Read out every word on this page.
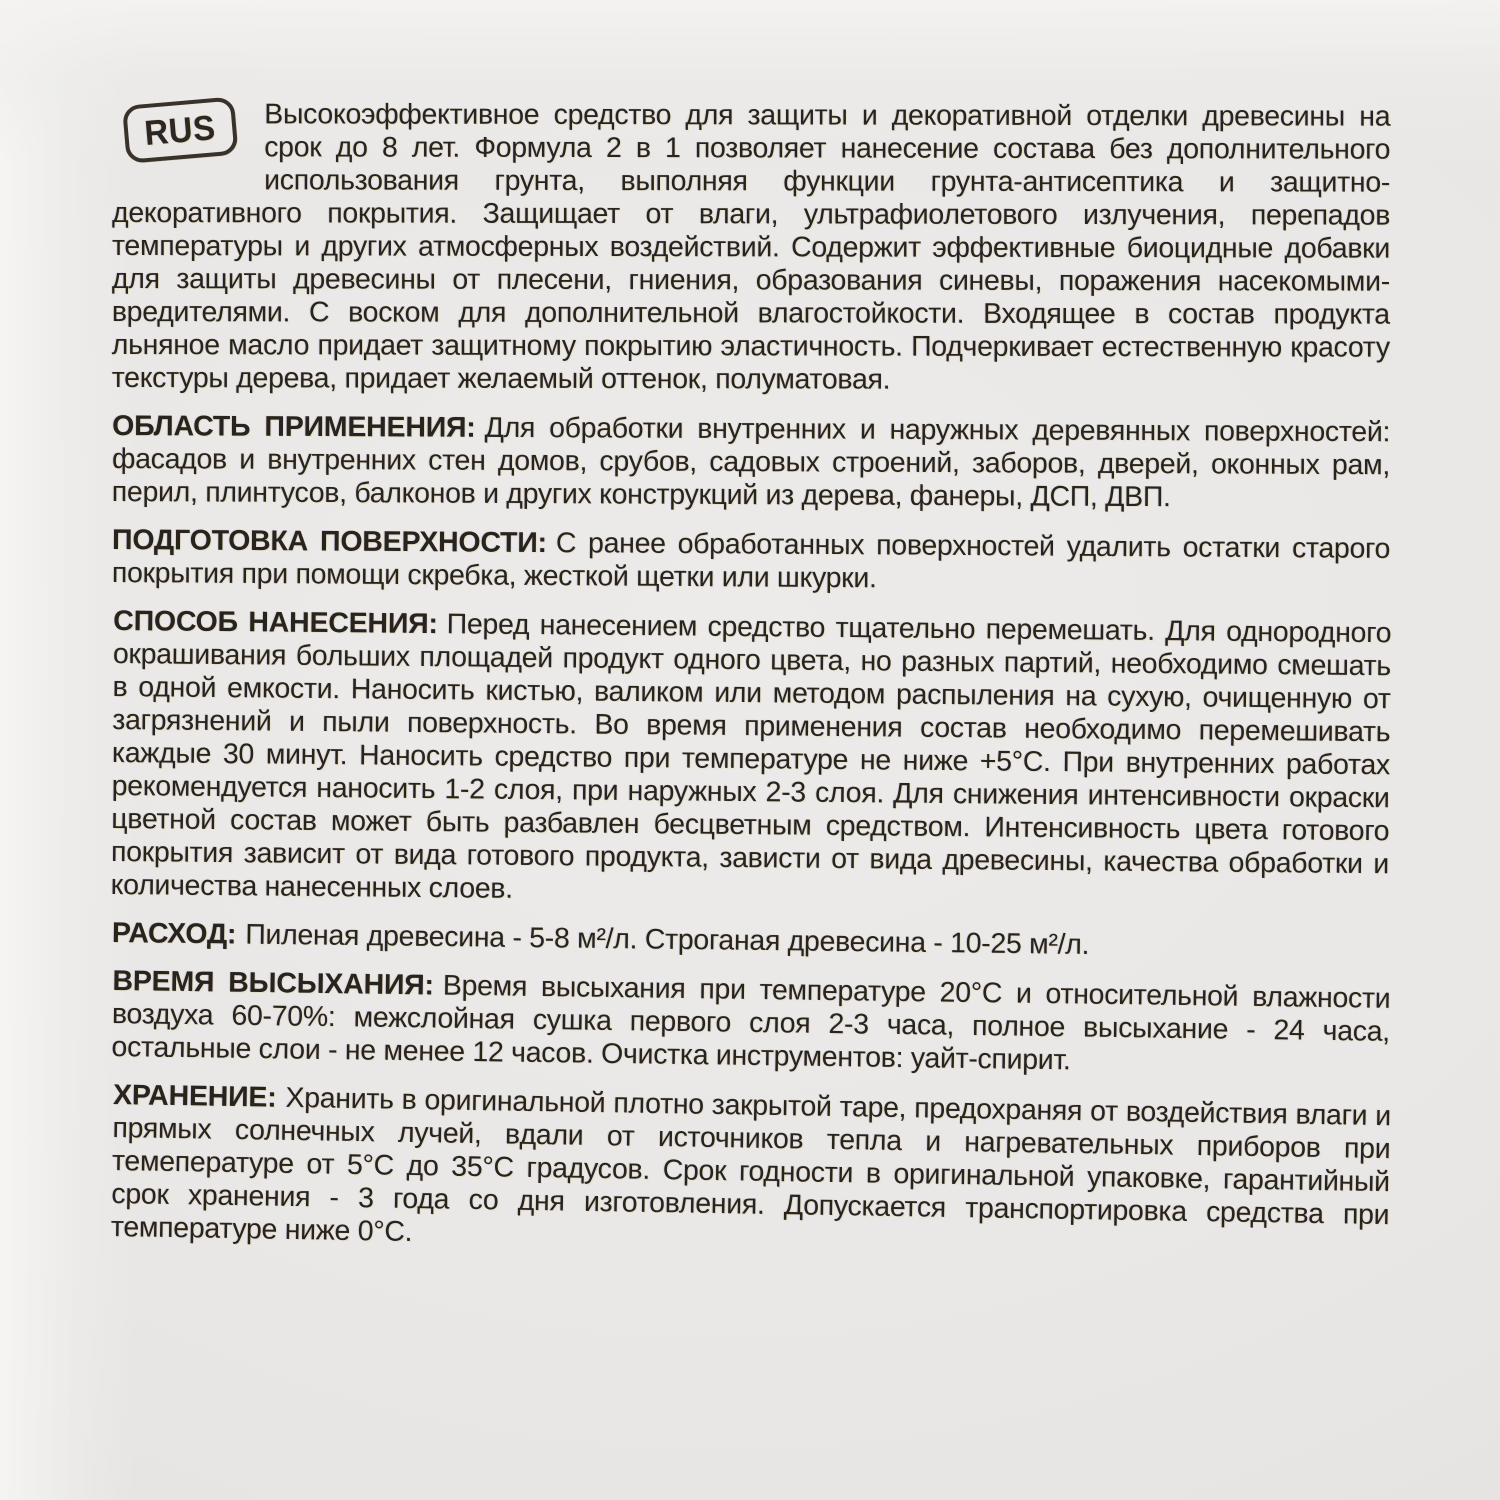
RUS Высокоэффективное средство для защиты и декоративной отделки древесины на срок до 8 лет. Формула 2 в 1 позволяет нанесение состава без дополнительного использования грунта, выполняя функции грунта-антисептика и защитно-декоративного покрытия. Защищает от влаги, ультрафиолетового излучения, перепадов температуры и других атмосферных воздействий. Содержит эффективные биоцидные добавки для защиты древесины от плесени, гниения, образования синевы, поражения насекомыми-вредителями. С воском для дополнительной влагостойкости. Входящее в состав продукта льняное масло придает защитному покрытию эластичность. Подчеркивает естественную красоту текстуры дерева, придает желаемый оттенок, полуматовая.

ОБЛАСТЬ ПРИМЕНЕНИЯ: Для обработки внутренних и наружных деревянных поверхностей: фасадов и внутренних стен домов, срубов, садовых строений, заборов, дверей, оконных рам, перил, плинтусов, балконов и других конструкций из дерева, фанеры, ДСП, ДВП.

ПОДГОТОВКА ПОВЕРХНОСТИ: С ранее обработанных поверхностей удалить остатки старого покрытия при помощи скребка, жесткой щетки или шкурки.

СПОСОБ НАНЕСЕНИЯ: Перед нанесением средство тщательно перемешать. Для однородного окрашивания больших площадей продукт одного цвета, но разных партий, необходимо смешать в одной емкости. Наносить кистью, валиком или методом распыления на сухую, очищенную от загрязнений и пыли поверхность. Во время применения состав необходимо перемешивать каждые 30 минут. Наносить средство при температуре не ниже +5°С. При внутренних работах рекомендуется наносить 1-2 слоя, при наружных 2-3 слоя. Для снижения интенсивности окраски цветной состав может быть разбавлен бесцветным средством. Интенсивность цвета готового покрытия зависит от вида готового продукта, зависти от вида древесины, качества обработки и количества нанесенных слоев.

РАСХОД: Пиленая древесина - 5-8 м²/л. Строганая древесина - 10-25 м²/л.

ВРЕМЯ ВЫСЫХАНИЯ: Время высыхания при температуре 20°С и относительной влажности воздуха 60-70%: межслойная сушка первого слоя 2-3 часа, полное высыхание - 24 часа, остальные слои - не менее 12 часов. Очистка инструментов: уайт-спирит.

ХРАНЕНИЕ: Хранить в оригинальной плотно закрытой таре, предохраняя от воздействия влаги и прямых солнечных лучей, вдали от источников тепла и нагревательных приборов при темепературе от 5°С до 35°С градусов. Срок годности в оригинальной упаковке, гарантийный срок хранения - 3 года со дня изготовления. Допускается транспортировка средства при температуре ниже 0°С.
